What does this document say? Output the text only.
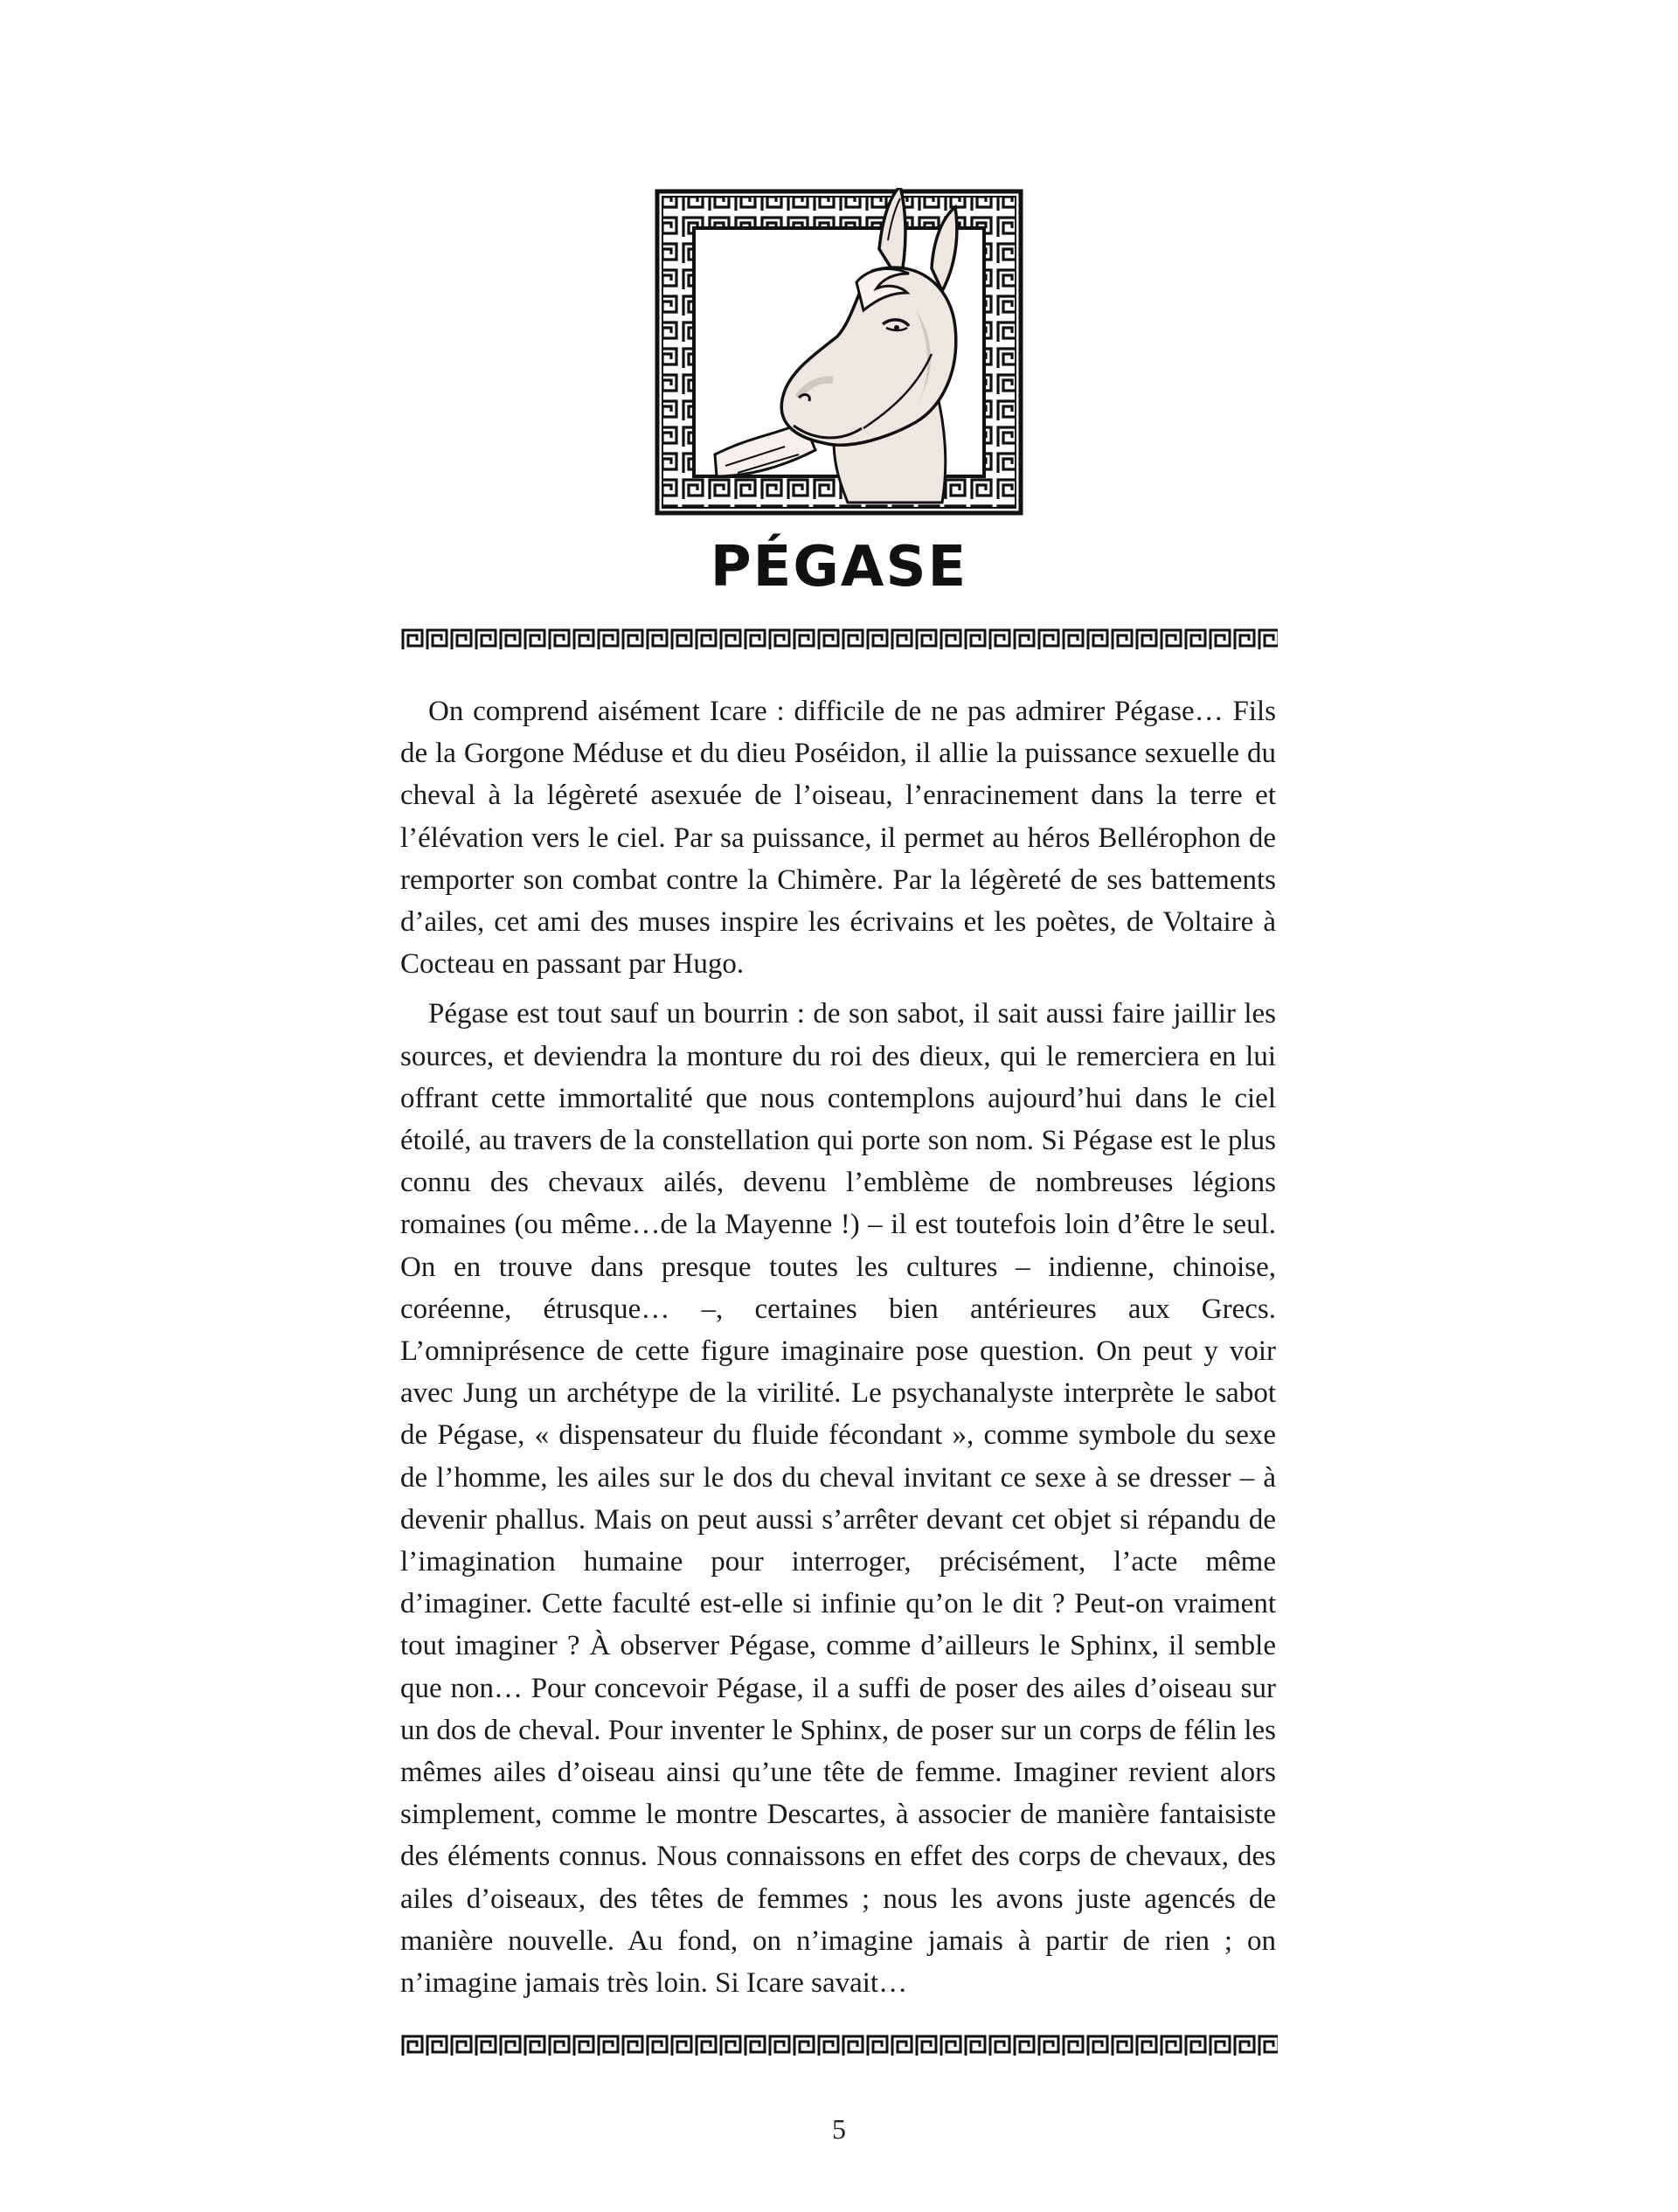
PÉGASE

On comprend aisément Icare : difficile de ne pas admirer Pégase… Fils de la Gorgone Méduse et du dieu Poséidon, il allie la puissance sexuelle du cheval à la légèreté asexuée de l’oiseau, l’enracinement dans la terre et l’élévation vers le ciel. Par sa puissance, il permet au héros Bellérophon de remporter son combat contre la Chimère. Par la légèreté de ses battements d’ailes, cet ami des muses inspire les écrivains et les poètes, de Voltaire à Cocteau en passant par Hugo.

Pégase est tout sauf un bourrin : de son sabot, il sait aussi faire jaillir les sources, et deviendra la monture du roi des dieux, qui le remerciera en lui offrant cette immortalité que nous contemplons aujourd’hui dans le ciel étoilé, au travers de la constellation qui porte son nom. Si Pégase est le plus connu des chevaux ailés, devenu l’emblème de nombreuses légions romaines (ou même…de la Mayenne !) – il est toutefois loin d’être le seul. On en trouve dans presque toutes les cultures – indienne, chinoise, coréenne, étrusque… –, certaines bien antérieures aux Grecs. L’omniprésence de cette figure imaginaire pose question. On peut y voir avec Jung un archétype de la virilité. Le psychanalyste interprète le sabot de Pégase, « dispensateur du fluide fécondant », comme symbole du sexe de l’homme, les ailes sur le dos du cheval invitant ce sexe à se dresser – à devenir phallus. Mais on peut aussi s’arrêter devant cet objet si répandu de l’imagination humaine pour interroger, précisément, l’acte même d’imaginer. Cette faculté est-elle si infinie qu’on le dit ? Peut-on vraiment tout imaginer ? À observer Pégase, comme d’ailleurs le Sphinx, il semble que non… Pour concevoir Pégase, il a suffi de poser des ailes d’oiseau sur un dos de cheval. Pour inventer le Sphinx, de poser sur un corps de félin les mêmes ailes d’oiseau ainsi qu’une tête de femme. Imaginer revient alors simplement, comme le montre Descartes, à associer de manière fantaisiste des éléments connus. Nous connaissons en effet des corps de chevaux, des ailes d’oiseaux, des têtes de femmes ; nous les avons juste agencés de manière nouvelle. Au fond, on n’imagine jamais à partir de rien ; on n’imagine jamais très loin. Si Icare savait…

5
